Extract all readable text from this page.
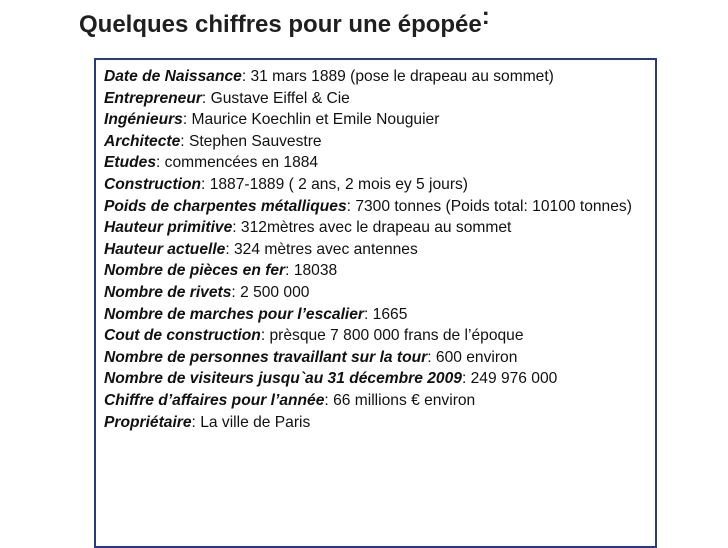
Quelques chiffres pour une épopée:
Date de Naissance: 31 mars 1889 (pose le drapeau au sommet)
Entrepreneur: Gustave Eiffel & Cie
Ingénieurs: Maurice Koechlin et Emile Nouguier
Architecte: Stephen Sauvestre
Etudes: commencées en 1884
Construction: 1887-1889 ( 2 ans, 2 mois ey 5 jours)
Poids de charpentes métalliques: 7300 tonnes (Poids total: 10100 tonnes)
Hauteur primitive: 312mètres avec le drapeau au sommet
Hauteur actuelle: 324 mètres avec antennes
Nombre de pièces en fer: 18038
Nombre de rivets: 2 500 000
Nombre de marches pour l’escalier: 1665
Cout de construction: prèsque 7 800 000 frans de l’époque
Nombre de personnes travaillant sur la tour: 600 environ
Nombre de visiteurs jusqu`au 31 décembre 2009: 249 976 000
Chiffre d’affaires pour l’année: 66 millions € environ
Propriétaire: La ville de Paris
